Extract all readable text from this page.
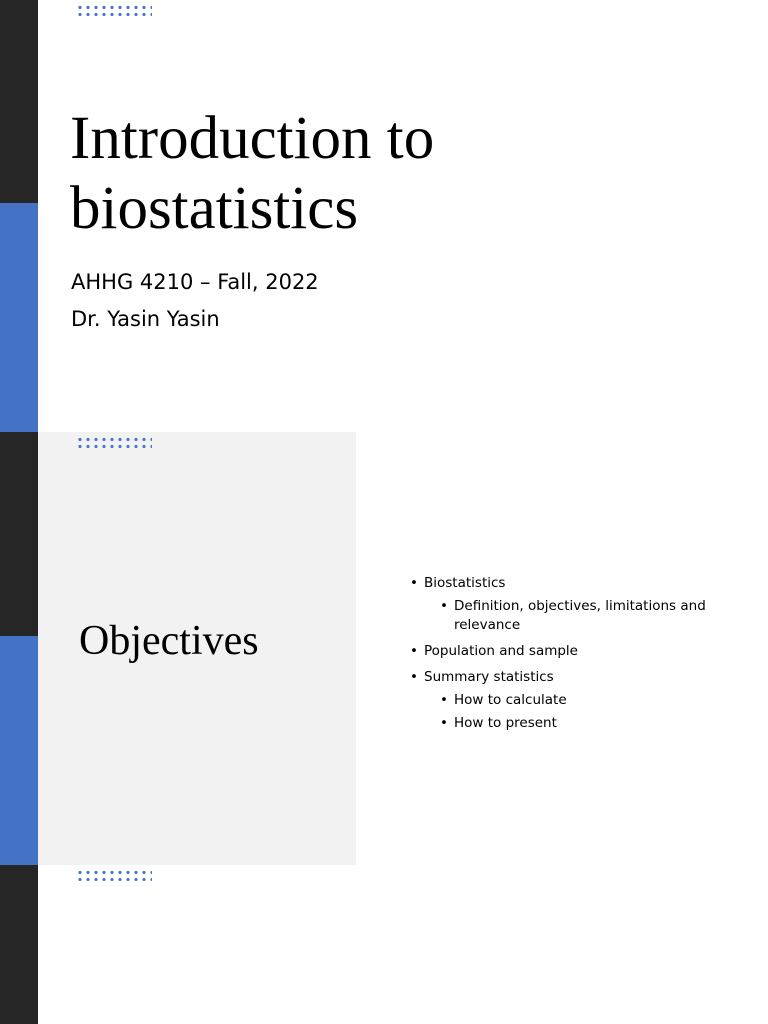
Introduction to
biostatistics

AHHG 4210 – Fall, 2022

Dr. Yasin Yasin

Objectives
• Biostatistics
• Definition, objectives, limitations and relevance
• Population and sample
• Summary statistics
• How to calculate
• How to present
